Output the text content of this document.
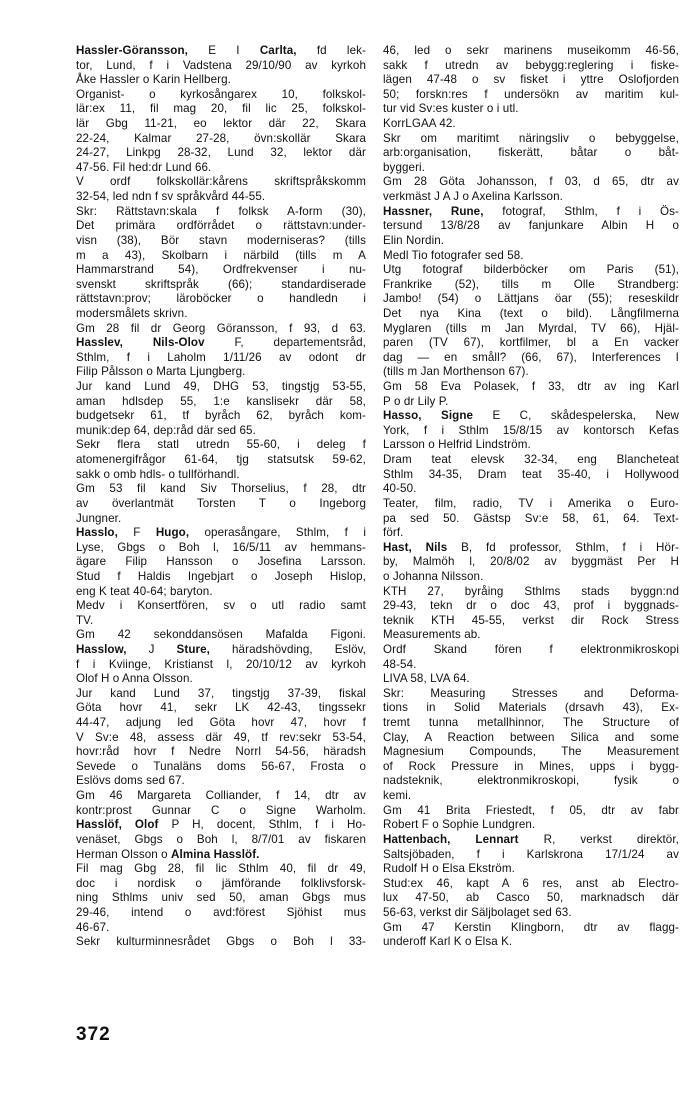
Hassler-Göransson, E I Carlta, fd lek-
tor, Lund, f i Vadstena 29/10/90 av kyrkoh
Åke Hassler o Karin Hellberg.
Organist- o kyrkosångarex 10, folkskol-
lär:ex 11, fil mag 20, fil lic 25, folkskol-
lär Gbg 11-21, eo lektor där 22, Skara
22-24, Kalmar 27-28, övn:skollär Skara
24-27, Linkpg 28-32, Lund 32, lektor där
47-56. Fil hed:dr Lund 66.
V ordf folkskollär:kårens skriftspråkskomm
32-54, led ndn f sv språkvård 44-55.
Skr: Rättstavn:skala f folksk A-form (30),
Det primära ordförrådet o rättstavn:under-
visn (38), Bör stavn moderniseras? (tills
m a 43), Skolbarn i närbild (tills m A
Hammarstrand 54), Ordfrekvenser i nu-
svenskt skriftspråk (66); standardiserade
rättstavn:prov; läroböcker o handledn i
modersmålets skrivn.
Gm 28 fil dr Georg Göransson, f 93, d 63.
Hasslev, Nils-Olov F, departementsråd,
Sthlm, f i Laholm 1/11/26 av odont dr
Filip Pålsson o Marta Ljungberg.
Jur kand Lund 49, DHG 53, tingstjg 53-55,
aman hdlsdep 55, 1:e kanslisekr där 58,
budgetsekr 61, tf byråch 62, byråch kom-
munik:dep 64, dep:råd där sed 65.
Sekr flera statl utredn 55-60, i deleg f
atomenergifrågor 61-64, tjg statsutsk 59-62,
sakk o omb hdls- o tullförhandl.
Gm 53 fil kand Siv Thorselius, f 28, dtr
av överlantmät Torsten T o Ingeborg
Jungner.
Hasslo, F Hugo, operasångare, Sthlm, f i
Lyse, Gbgs o Boh l, 16/5/11 av hemmans-
ägare Filip Hansson o Josefina Larsson.
Stud f Haldis Ingebjart o Joseph Hislop,
eng K teat 40-64; baryton.
Medv i Konsertfören, sv o utl radio samt
TV.
Gm 42 sekonddansösen Mafalda Figoni.
Hasslow, J Sture, häradshövding, Eslöv,
f i Kviinge, Kristianst l, 20/10/12 av kyrkoh
Olof H o Anna Olsson.
Jur kand Lund 37, tingstjg 37-39, fiskal
Göta hovr 41, sekr LK 42-43, tingssekr
44-47, adjung led Göta hovr 47, hovr f
V Sv:e 48, assess där 49, tf rev:sekr 53-54,
hovr:råd hovr f Nedre Norrl 54-56, häradsh
Sevede o Tunaläns doms 56-67, Frosta o
Eslövs doms sed 67.
Gm 46 Margareta Colliander, f 14, dtr av
kontr:prost Gunnar C o Signe Warholm.
Hasslöf, Olof P H, docent, Sthlm, f i Ho-
venäset, Gbgs o Boh l, 8/7/01 av fiskaren
Herman Olsson o Almina Hasslöf.
Fil mag Gbg 28, fil lic Sthlm 40, fil dr 49,
doc i nordisk o jämförande folklivsforsk-
ning Sthlms univ sed 50, aman Gbgs mus
29-46, intend o avd:förest Sjöhist mus
46-67.
Sekr kulturminnesrådet Gbgs o Boh l 33-
46, led o sekr marinens museikomm 46-56,
sakk f utredn av bebygg:reglering i fiske-
lägen 47-48 o sv fisket i yttre Oslofjorden
50; forskn:res f undersökn av maritim kul-
tur vid Sv:es kuster o i utl.
KorrLGAA 42.
Skr om maritimt näringsliv o bebyggelse,
arb:organisation, fiskerätt, båtar o båt-
byggeri.
Gm 28 Göta Johansson, f 03, d 65, dtr av
verkmäst J A J o Axelina Karlsson.
Hassner, Rune, fotograf, Sthlm, f i Ös-
tersund 13/8/28 av fanjunkare Albin H o
Elin Nordin.
Medl Tio fotografer sed 58.
Utg fotograf bilderböcker om Paris (51),
Frankrike (52), tills m Olle Strandberg:
Jambo! (54) o Lättjans öar (55); reseskildr
Det nya Kina (text o bild). Långfilmerna
Myglaren (tills m Jan Myrdal, TV 66), Hjäl-
paren (TV 67), kortfilmer, bl a En vacker
dag — en småll? (66, 67), Interferences I
(tills m Jan Morthenson 67).
Gm 58 Eva Polasek, f 33, dtr av ing Karl
P o dr Lily P.
Hasso, Signe E C, skådespelerska, New
York, f i Sthlm 15/8/15 av kontorsch Kefas
Larsson o Helfrid Lindström.
Dram teat elevsk 32-34, eng Blancheteat
Sthlm 34-35, Dram teat 35-40, i Hollywood
40-50.
Teater, film, radio, TV i Amerika o Euro-
pa sed 50. Gästsp Sv:e 58, 61, 64. Text-
förf.
Hast, Nils B, fd professor, Sthlm, f i Hör-
by, Malmöh l, 20/8/02 av byggmäst Per H
o Johanna Nilsson.
KTH 27, byråing Sthlms stads byggn:nd
29-43, tekn dr o doc 43, prof i byggnads-
teknik KTH 45-55, verkst dir Rock Stress
Measurements ab.
Ordf Skand fören f elektronmikroskopi
48-54.
LIVA 58, LVA 64.
Skr: Measuring Stresses and Deforma-
tions in Solid Materials (drsavh 43), Ex-
tremt tunna metallhinnor, The Structure of
Clay, A Reaction between Silica and some
Magnesium Compounds, The Measurement
of Rock Pressure in Mines, upps i bygg-
nadsteknik, elektronmikroskopi, fysik o
kemi.
Gm 41 Brita Friestedt, f 05, dtr av fabr
Robert F o Sophie Lundgren.
Hattenbach, Lennart R, verkst direktör,
Saltsjöbaden, f i Karlskrona 17/1/24 av
Rudolf H o Elsa Ekström.
Stud:ex 46, kapt A 6 res, anst ab Electro-
lux 47-50, ab Casco 50, marknadsch där
56-63, verkst dir Säljbolaget sed 63.
Gm 47 Kerstin Klingborn, dtr av flagg-
underoff Karl K o Elsa K.
372
